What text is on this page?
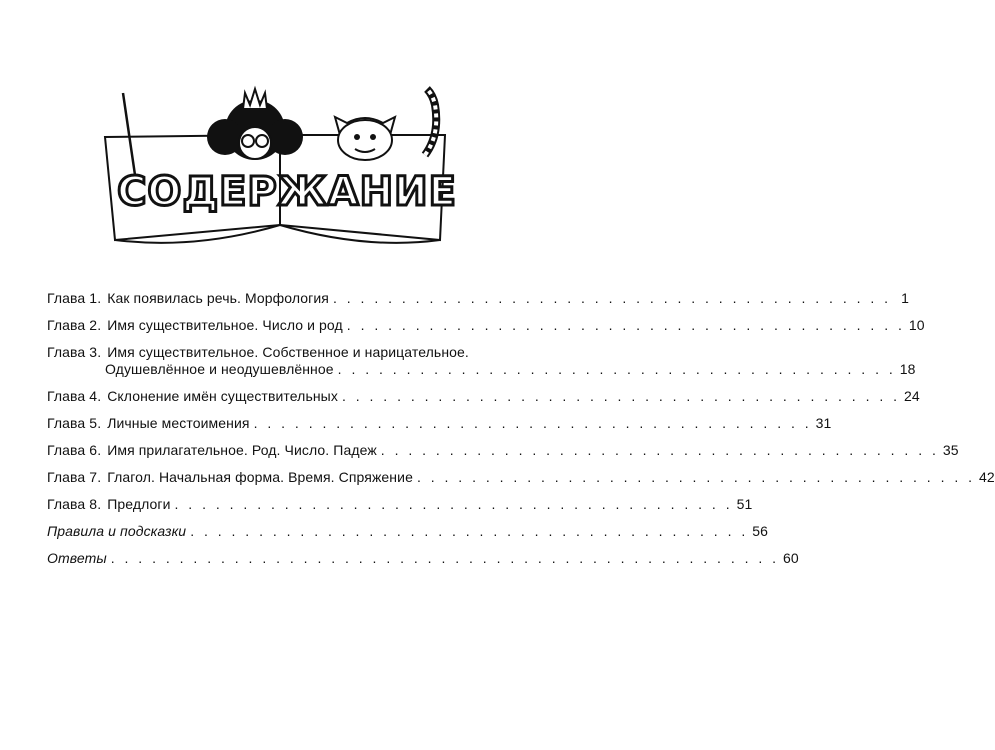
СОДЕРЖАНИЕ
Глава 1. Как появилась речь. Морфология . . . . . . . . . . . . . . . . . . . . . . . . . . . . . . . . . . . . . . . . . 1
Глава 2. Имя существительное. Число и род . . . . . . . . . . . . . . . . . . . . . . . . . . . . . . . . . . . . . . . . . 10
Глава 3. Имя существительное. Собственное и нарицательное.
Одушевлённое и неодушевлённое . . . . . . . . . . . . . . . . . . . . . . . . . . . . . . . . . . . . . . . . . 18
Глава 4. Склонение имён существительных . . . . . . . . . . . . . . . . . . . . . . . . . . . . . . . . . . . . . . . . . 24
Глава 5. Личные местоимения . . . . . . . . . . . . . . . . . . . . . . . . . . . . . . . . . . . . . . . . . 31
Глава 6. Имя прилагательное. Род. Число. Падеж . . . . . . . . . . . . . . . . . . . . . . . . . . . . . . . . . . . . . . . . . 35
Глава 7. Глагол. Начальная форма. Время. Спряжение . . . . . . . . . . . . . . . . . . . . . . . . . . . . . . . . . . . . . . . . . 42
Глава 8. Предлоги . . . . . . . . . . . . . . . . . . . . . . . . . . . . . . . . . . . . . . . . . 51
Правила и подсказки . . . . . . . . . . . . . . . . . . . . . . . . . . . . . . . . . . . . . . . . . 56
Ответы . . . . . . . . . . . . . . . . . . . . . . . . . . . . . . . . . . . . . . . . . . . . . . . . . 60
